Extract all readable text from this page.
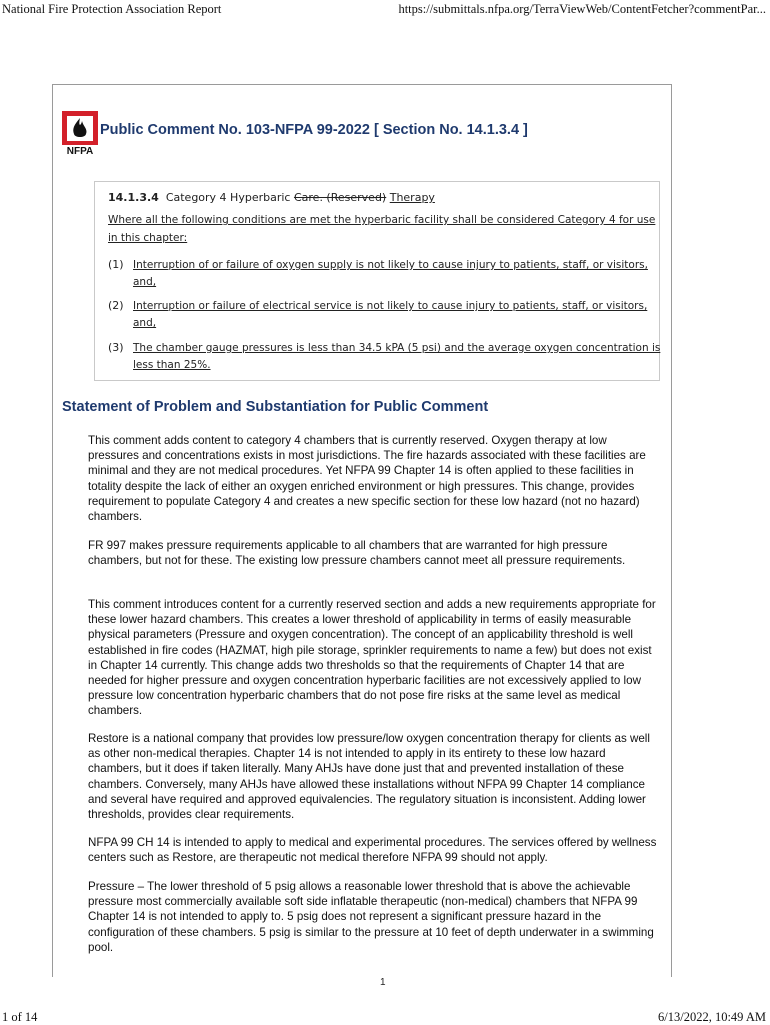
National Fire Protection Association Report	https://submittals.nfpa.org/TerraViewWeb/ContentFetcher?commentPar...
NFPA
Public Comment No. 103-NFPA 99-2022 [ Section No. 14.1.3.4 ]
14.1.3.4 Category 4 Hyperbaric Care. (Reserved) Therapy
Where all the following conditions are met the hyperbaric facility shall be considered Category 4 for use
in this chapter:
(1) Interruption of or failure of oxygen supply is not likely to cause injury to patients, staff, or visitors,
and,
(2) Interruption or failure of electrical service is not likely to cause injury to patients, staff, or visitors,
and,
(3) The chamber gauge pressures is less than 34.5 kPA (5 psi) and the average oxygen concentration is
less than 25%.
Statement of Problem and Substantiation for Public Comment
This comment adds content to category 4 chambers that is currently reserved. Oxygen therapy at low pressures and concentrations exists in most jurisdictions. The fire hazards associated with these facilities are minimal and they are not medical procedures. Yet NFPA 99 Chapter 14 is often applied to these facilities in totality despite the lack of either an oxygen enriched environment or high pressures. This change, provides requirement to populate Category 4 and creates a new specific section for these low hazard (not no hazard) chambers.
FR 997 makes pressure requirements applicable to all chambers that are warranted for high pressure chambers, but not for these. The existing low pressure chambers cannot meet all pressure requirements.
This comment introduces content for a currently reserved section and adds a new requirements appropriate for these lower hazard chambers. This creates a lower threshold of applicability in terms of easily measurable physical parameters (Pressure and oxygen concentration). The concept of an applicability threshold is well established in fire codes (HAZMAT, high pile storage, sprinkler requirements to name a few) but does not exist in Chapter 14 currently. This change adds two thresholds so that the requirements of Chapter 14 that are needed for higher pressure and oxygen concentration hyperbaric facilities are not excessively applied to low pressure low concentration hyperbaric chambers that do not pose fire risks at the same level as medical chambers.
Restore is a national company that provides low pressure/low oxygen concentration therapy for clients as well as other non-medical therapies. Chapter 14 is not intended to apply in its entirety to these low hazard chambers, but it does if taken literally. Many AHJs have done just that and prevented installation of these chambers. Conversely, many AHJs have allowed these installations without NFPA 99 Chapter 14 compliance and several have required and approved equivalencies. The regulatory situation is inconsistent. Adding lower thresholds, provides clear requirements.
NFPA 99 CH 14 is intended to apply to medical and experimental procedures. The services offered by wellness centers such as Restore, are therapeutic not medical therefore NFPA 99 should not apply.
Pressure – The lower threshold of 5 psig allows a reasonable lower threshold that is above the achievable pressure most commercially available soft side inflatable therapeutic (non-medical) chambers that NFPA 99 Chapter 14 is not intended to apply to. 5 psig does not represent a significant pressure hazard in the configuration of these chambers. 5 psig is similar to the pressure at 10 feet of depth underwater in a swimming pool.
1
1 of 14	6/13/2022, 10:49 AM
